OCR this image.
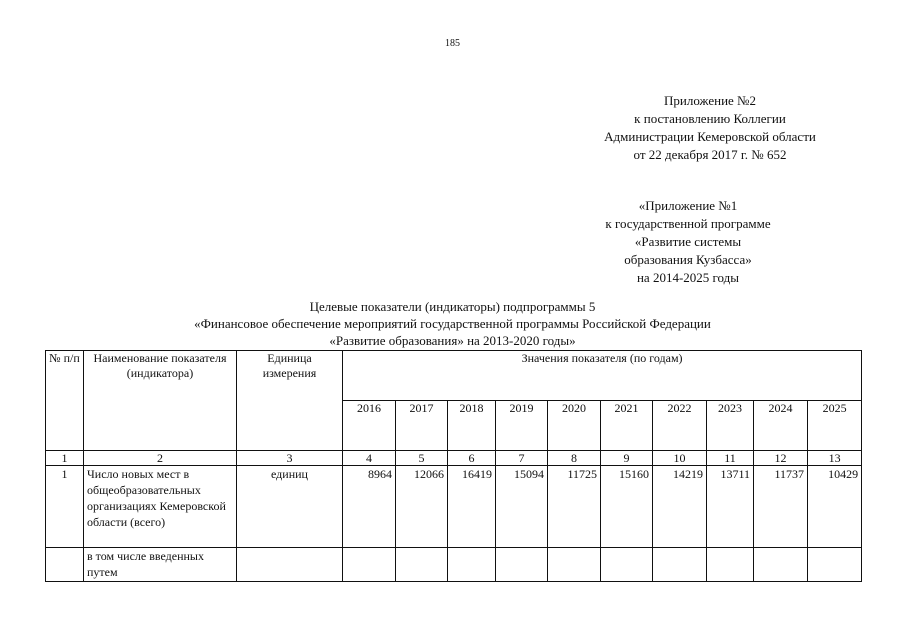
185
Приложение №2
к постановлению Коллегии
Администрации Кемеровской области
от 22 декабря 2017 г. № 652
«Приложение №1
к государственной программе
«Развитие системы
образования Кузбасса»
на 2014-2025 годы
Целевые показатели (индикаторы) подпрограммы 5
«Финансовое обеспечение мероприятий государственной программы Российской Федерации
«Развитие образования» на 2013-2020 годы»
№ п/п	Наименование показателя (индикатора)	Единица измерения	Значения показателя (по годам)									
			2016	2017	2018	2019	2020	2021	2022	2023	2024	2025
1	2	3	4	5	6	7	8	9	10	11	12	13
1	Число новых мест в общеобразовательных организациях Кемеровской области (всего)	единиц	8964	12066	16419	15094	11725	15160	14219	13711	11737	10429
	в том числе введенных путем											
